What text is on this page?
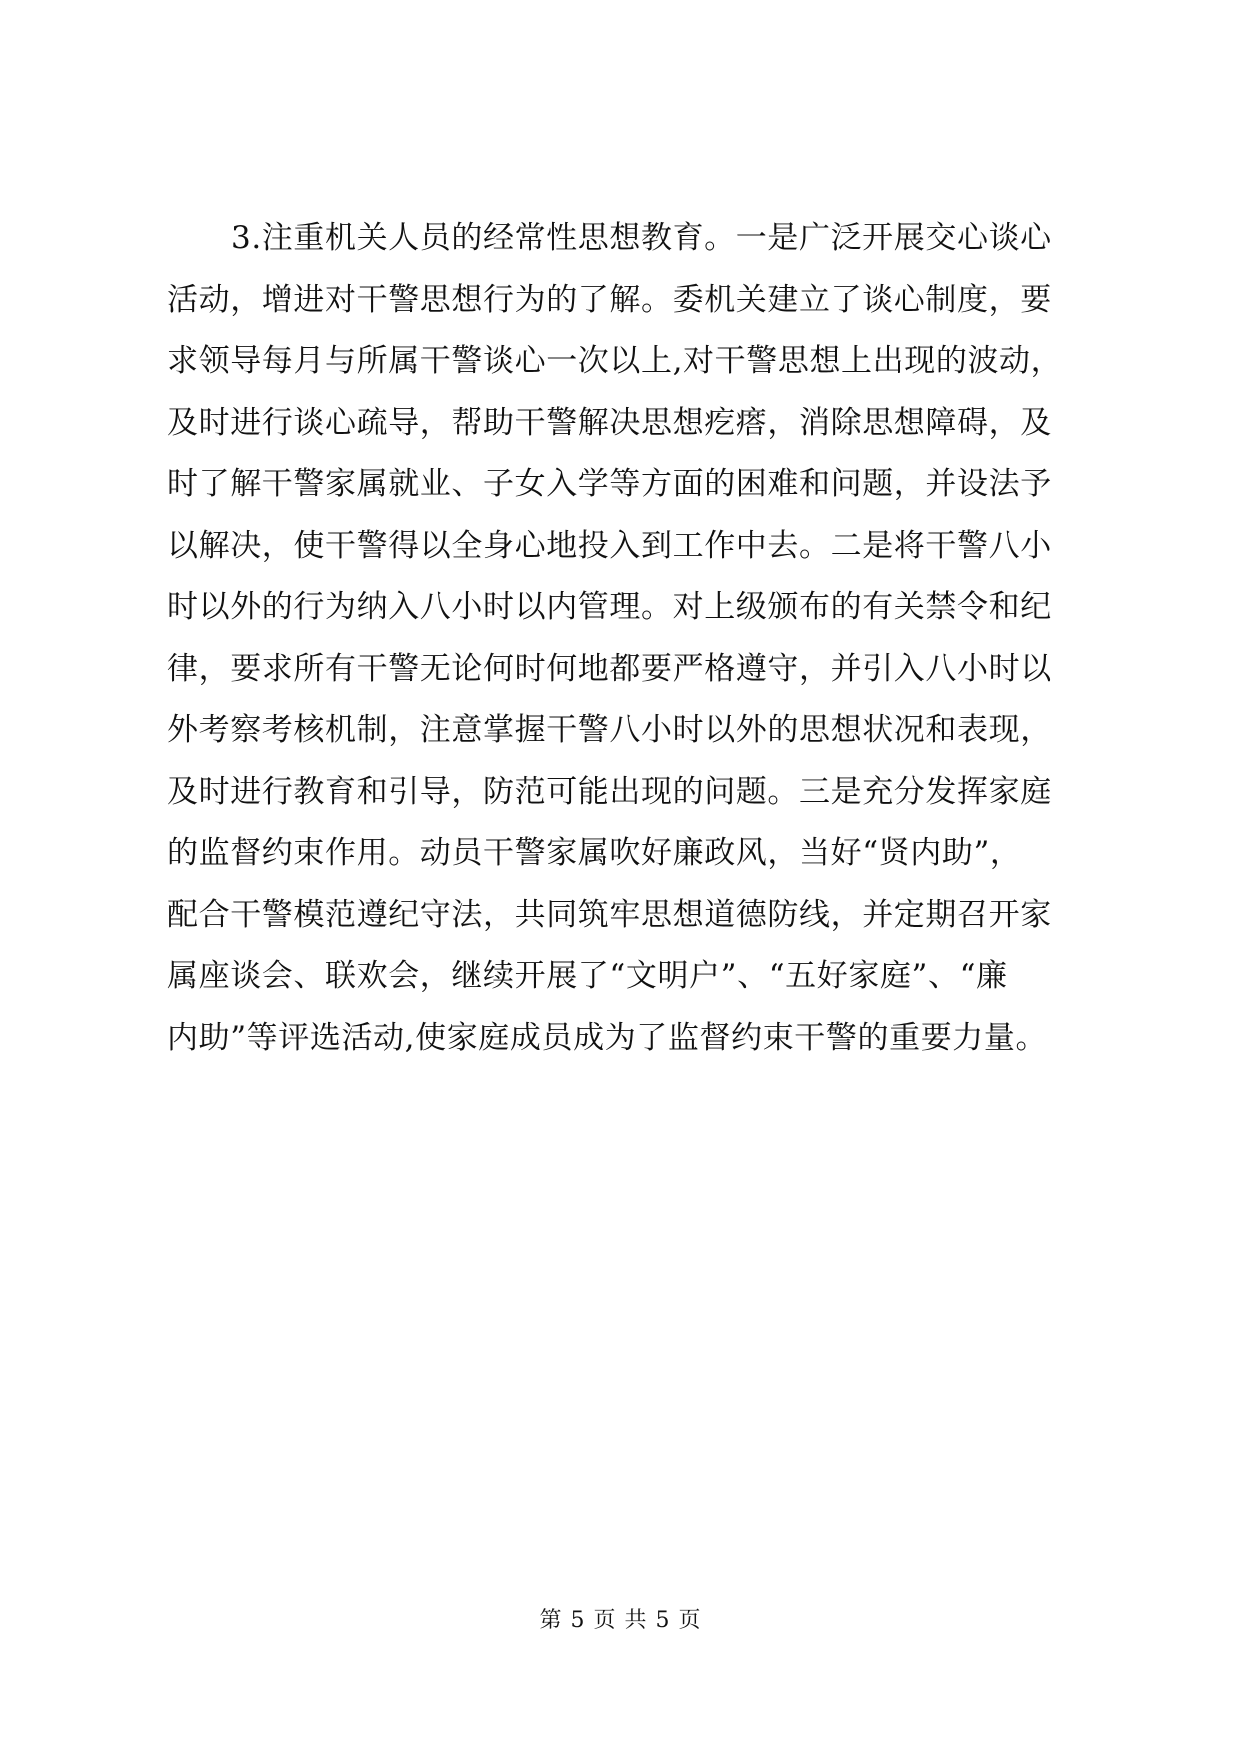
3.注重机关人员的经常性思想教育。一是广泛开展交心谈心
活动，增进对干警思想行为的了解。委机关建立了谈心制度，要
求领导每月与所属干警谈心一次以上,对干警思想上出现的波动，
及时进行谈心疏导，帮助干警解决思想疙瘩，消除思想障碍，及
时了解干警家属就业、子女入学等方面的困难和问题，并设法予
以解决，使干警得以全身心地投入到工作中去。二是将干警八小
时以外的行为纳入八小时以内管理。对上级颁布的有关禁令和纪
律，要求所有干警无论何时何地都要严格遵守，并引入八小时以
外考察考核机制，注意掌握干警八小时以外的思想状况和表现，
及时进行教育和引导，防范可能出现的问题。三是充分发挥家庭
的监督约束作用。动员干警家属吹好廉政风，当好“贤内助”，
配合干警模范遵纪守法，共同筑牢思想道德防线，并定期召开家
属座谈会、联欢会，继续开展了“文明户”、“五好家庭”、“廉
内助”等评选活动,使家庭成员成为了监督约束干警的重要力量。
第 5 页 共 5 页
